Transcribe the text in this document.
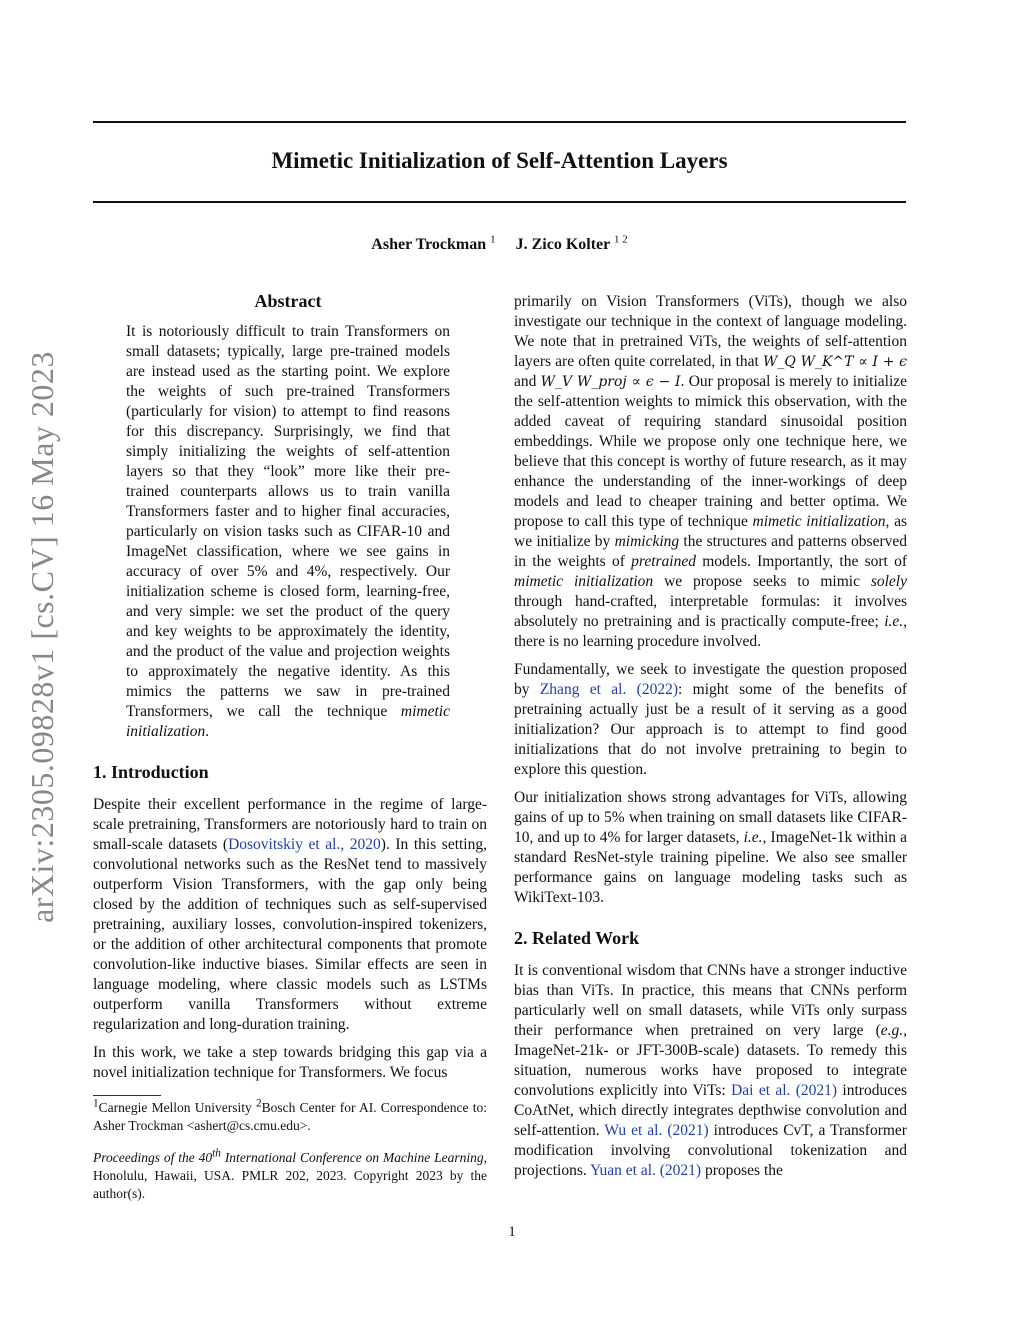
Mimetic Initialization of Self-Attention Layers
Asher Trockman $^1$ J. Zico Kolter $^{1 2}$
arXiv:2305.09828v1 [cs.CV] 16 May 2023
Abstract

It is notoriously difficult to train Transformers on small datasets; typically, large pre-trained models are instead used as the starting point. We explore the weights of such pre-trained Transformers (particularly for vision) to attempt to find reasons for this discrepancy. Surprisingly, we find that simply initializing the weights of self-attention layers so that they “look” more like their pre-trained counterparts allows us to train vanilla Transformers faster and to higher final accuracies, particularly on vision tasks such as CIFAR-10 and ImageNet classification, where we see gains in accuracy of over 5% and 4%, respectively. Our initialization scheme is closed form, learning-free, and very simple: we set the product of the query and key weights to be approximately the identity, and the product of the value and projection weights to approximately the negative identity. As this mimics the patterns we saw in pre-trained Transformers, we call the technique mimetic initialization.

1. Introduction

Despite their excellent performance in the regime of large-scale pretraining, Transformers are notoriously hard to train on small-scale datasets (Dosovitskiy et al., 2020). In this setting, convolutional networks such as the ResNet tend to massively outperform Vision Transformers, with the gap only being closed by the addition of techniques such as self-supervised pretraining, auxiliary losses, convolution-inspired tokenizers, or the addition of other architectural components that promote convolution-like inductive biases. Similar effects are seen in language modeling, where classic models such as LSTMs outperform vanilla Transformers without extreme regularization and long-duration training.

In this work, we take a step towards bridging this gap via a novel initialization technique for Transformers. We focus

$^1$Carnegie Mellon University $^2$Bosch Center for AI. Correspondence to: Asher Trockman <ashert@cs.cmu.edu>.

Proceedings of the 40th International Conference on Machine Learning, Honolulu, Hawaii, USA. PMLR 202, 2023. Copyright 2023 by the author(s).

primarily on Vision Transformers (ViTs), though we also investigate our technique in the context of language modeling. We note that in pretrained ViTs, the weights of self-attention layers are often quite correlated, in that W_Q W_K^T ∝ I + ϵ and W_V W_proj ∝ ϵ − I. Our proposal is merely to initialize the self-attention weights to mimick this observation, with the added caveat of requiring standard sinusoidal position embeddings. While we propose only one technique here, we believe that this concept is worthy of future research, as it may enhance the understanding of the inner-workings of deep models and lead to cheaper training and better optima. We propose to call this type of technique mimetic initialization, as we initialize by mimicking the structures and patterns observed in the weights of pretrained models. Importantly, the sort of mimetic initialization we propose seeks to mimic solely through hand-crafted, interpretable formulas: it involves absolutely no pretraining and is practically compute-free; i.e., there is no learning procedure involved.

Fundamentally, we seek to investigate the question proposed by Zhang et al. (2022): might some of the benefits of pretraining actually just be a result of it serving as a good initialization? Our approach is to attempt to find good initializations that do not involve pretraining to begin to explore this question.

Our initialization shows strong advantages for ViTs, allowing gains of up to 5% when training on small datasets like CIFAR-10, and up to 4% for larger datasets, i.e., ImageNet-1k within a standard ResNet-style training pipeline. We also see smaller performance gains on language modeling tasks such as WikiText-103.

2. Related Work

It is conventional wisdom that CNNs have a stronger inductive bias than ViTs. In practice, this means that CNNs perform particularly well on small datasets, while ViTs only surpass their performance when pretrained on very large (e.g., ImageNet-21k- or JFT-300B-scale) datasets. To remedy this situation, numerous works have proposed to integrate convolutions explicitly into ViTs: Dai et al. (2021) introduces CoAtNet, which directly integrates depthwise convolution and self-attention. Wu et al. (2021) introduces CvT, a Transformer modification involving convolutional tokenization and projections. Yuan et al. (2021) proposes the

1
